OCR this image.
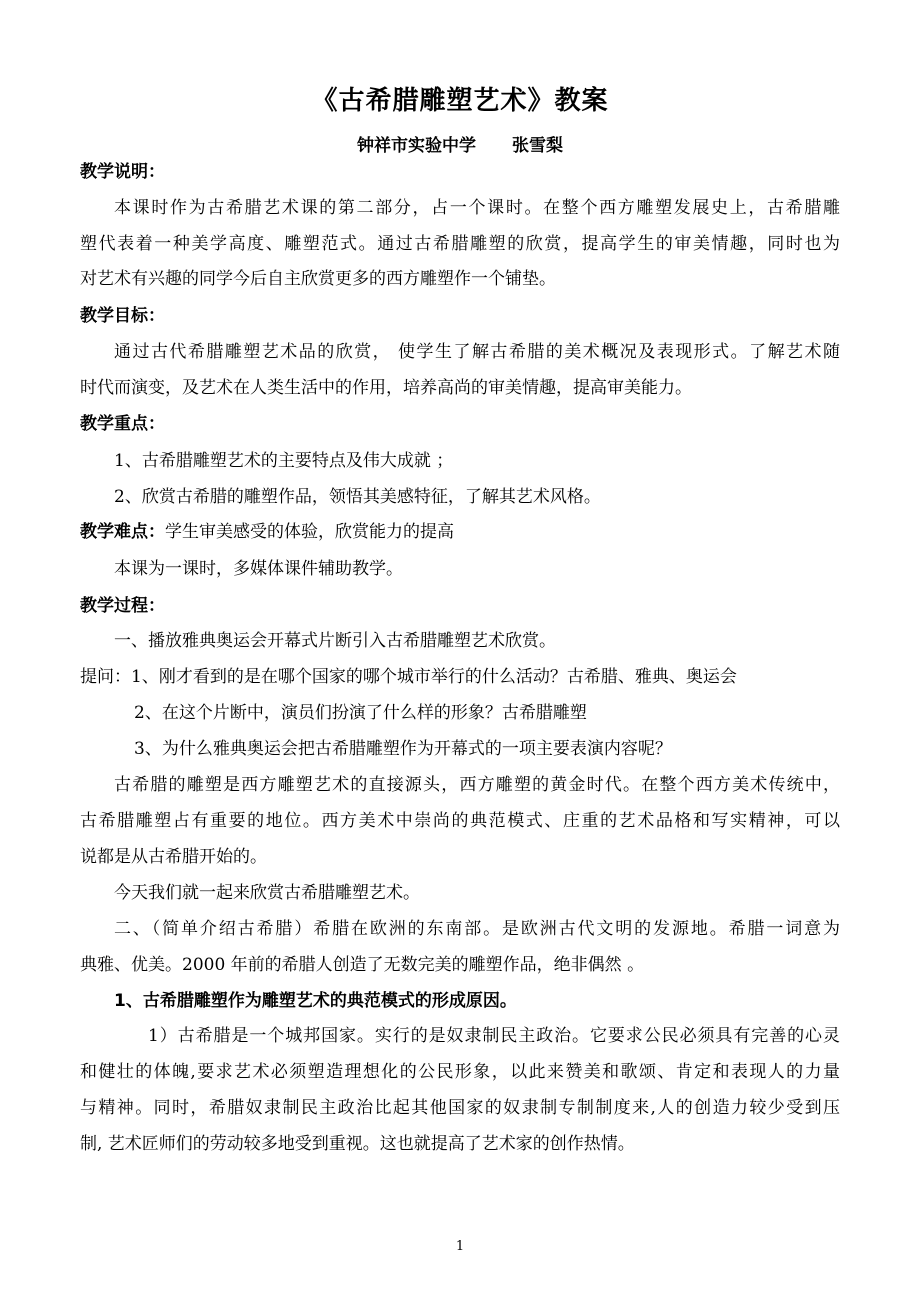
《古希腊雕塑艺术》教案
钟祥市实验中学 张雪梨
教学说明：
本课时作为古希腊艺术课的第二部分，占一个课时。在整个西方雕塑发展史上，古希腊雕
塑代表着一种美学高度、雕塑范式。通过古希腊雕塑的欣赏，提高学生的审美情趣，同时也为
对艺术有兴趣的同学今后自主欣赏更多的西方雕塑作一个铺垫。
教学目标：
通过古代希腊雕塑艺术品的欣赏， 使学生了解古希腊的美术概况及表现形式。了解艺术随
时代而演变，及艺术在人类生活中的作用，培养高尚的审美情趣，提高审美能力。
教学重点：
1、古希腊雕塑艺术的主要特点及伟大成就 ；
2、欣赏古希腊的雕塑作品，领悟其美感特征，了解其艺术风格。
教学难点：学生审美感受的体验，欣赏能力的提高
本课为一课时，多媒体课件辅助教学。
教学过程：
一、播放雅典奥运会开幕式片断引入古希腊雕塑艺术欣赏。
提问：1、刚才看到的是在哪个国家的哪个城市举行的什么活动？古希腊、雅典、奥运会
2、在这个片断中，演员们扮演了什么样的形象？古希腊雕塑
3、为什么雅典奥运会把古希腊雕塑作为开幕式的一项主要表演内容呢？
古希腊的雕塑是西方雕塑艺术的直接源头，西方雕塑的黄金时代。在整个西方美术传统中，
古希腊雕塑占有重要的地位。西方美术中崇尚的典范模式、庄重的艺术品格和写实精神，可以
说都是从古希腊开始的。
今天我们就一起来欣赏古希腊雕塑艺术。
二、（简单介绍古希腊）希腊在欧洲的东南部。是欧洲古代文明的发源地。希腊一词意为
典雅、优美。2000 年前的希腊人创造了无数完美的雕塑作品，绝非偶然 。
1、古希腊雕塑作为雕塑艺术的典范模式的形成原因。
1）古希腊是一个城邦国家。实行的是奴隶制民主政治。它要求公民必须具有完善的心灵
和健壮的体魄,要求艺术必须塑造理想化的公民形象，以此来赞美和歌颂、肯定和表现人的力量
与精神。同时，希腊奴隶制民主政治比起其他国家的奴隶制专制制度来,人的创造力较少受到压
制, 艺术匠师们的劳动较多地受到重视。这也就提高了艺术家的创作热情。
1
